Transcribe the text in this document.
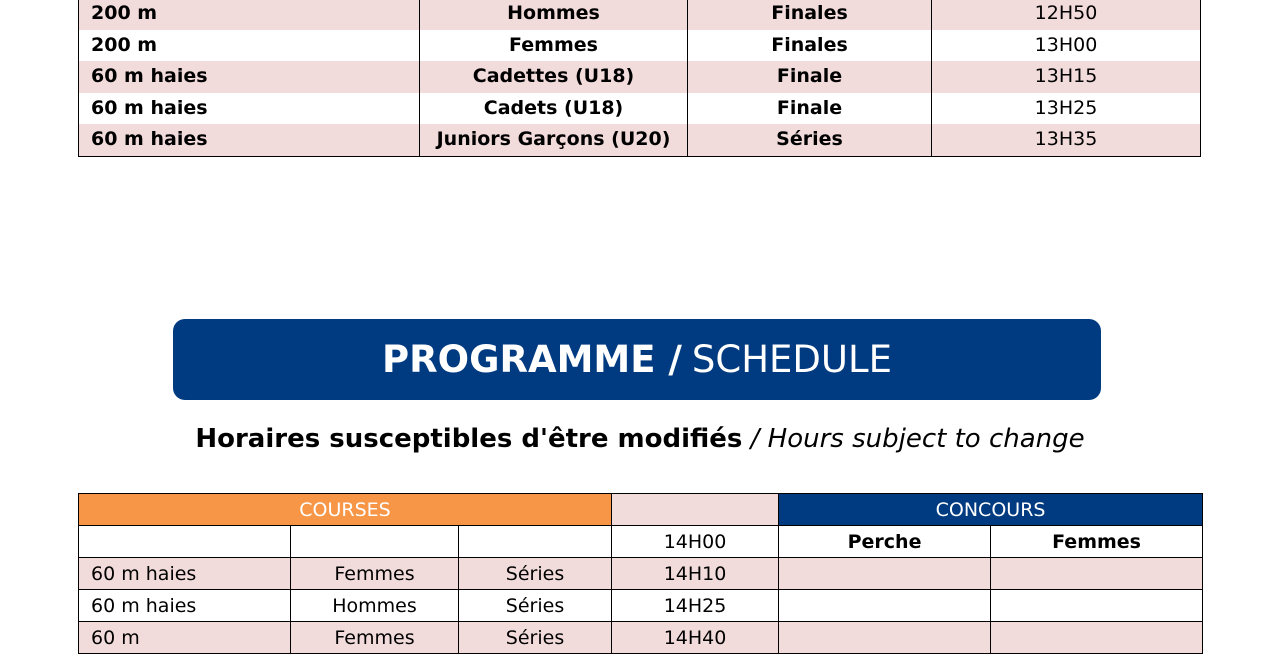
200 m	Hommes	Finales	12H50
200 m	Femmes	Finales	13H00
60 m haies	Cadettes (U18)	Finale	13H15
60 m haies	Cadets (U18)	Finale	13H25
60 m haies	Juniors Garçons (U20)	Séries	13H35
PROGRAMME / SCHEDULE
Horaires susceptibles d'être modifiés / Hours subject to change
COURSES				CONCOURS	
			14H00	Perche	Femmes
60 m haies	Femmes	Séries	14H10		
60 m haies	Hommes	Séries	14H25		
60 m	Femmes	Séries	14H40		
